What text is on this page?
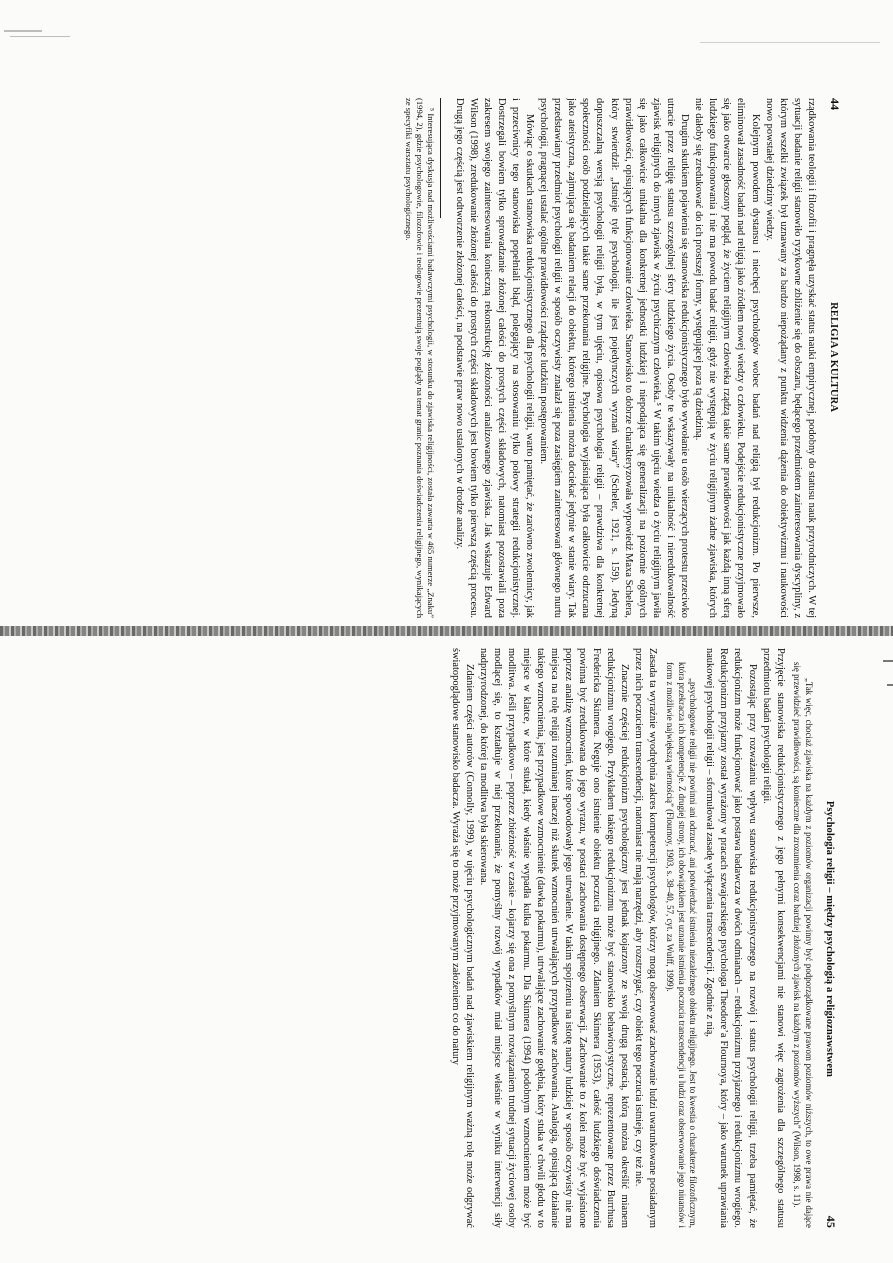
44
RELIGIA A KULTURA

rządkowania teologii i filozofii i pragnęła uzyskać status nauki empirycznej, podobny do statusu nauk przyrodniczych. W tej sytuacji badanie religii stanowiło ryzykowne zbliżenie się do obszaru, będącego przedmiotem zainteresowania dyscypliny, z którym wszelki związek był uznawany za bardzo niepożądany z punktu widzenia dążenia do obiektywizmu i naukowości nowo powstałej dziedziny wiedzy.

Kolejnym powodem dystansu i niechęci psychologów wobec badań nad religią był redukcjonizm. Po pierwsze, eliminował zasadność badań nad religią jako źródłem nowej wiedzy o człowieku. Podejście redukcjonistyczne przyjmowało się jako otwarcie głoszony pogląd, że życiem religijnym człowieka rządzą takie same prawidłowości jak każdą inną sferą ludzkiego funkcjonowania i nie ma powodu badać religii, gdyż nie występują w życiu religijnym żadne zjawiska, których nie dałoby się zredukować do ich prostszej formy, występującej poza tą dziedziną.

Drugim skutkiem pojawienia się stanowiska redukcjonistycznego było wywołanie u osób wierzących protestu przeciwko utracie przez religię statusu szczególnej sfery ludzkiego życia. Osoby te wskazywały na unikalność i nieredukowalność zjawisk religijnych do innych zjawisk w życiu psychicznym człowieka.⁵ W takim ujęciu wiedza o życiu religijnym jawiła się jako całkowicie unikalna dla konkretnej jednostki ludzkiej i niepodająca się generalizacji na poziomie ogólnych prawidłowości, opisujących funkcjonowanie człowieka. Stanowisko to dobrze charakteryzowała wypowiedź Maxa Schelera, który stwierdził: „Istnieje tyle psychologii, ile jest pojedynczych wyznań wiary” (Scheler, 1921, s. 159). Jedyną dopuszczalną wersją psychologii religii była, w tym ujęciu, opisowa psychologia religii – prawdziwa dla konkretnej społeczności osób podzielających takie same przekonania religijne. Psychologia wyjaśniająca była całkowicie odrzucana jako ateistyczna, zajmująca się badaniem relacji do obiektu, którego istnienia można dociekać jedynie w stanie wiary. Tak przedstawiany przedmiot psychologii religii w sposób oczywisty znalazł się poza zasięgiem zainteresowań głównego nurtu psychologii, pragnącej ustalać ogólne prawidłowości rządzące ludzkim postępowaniem.

Mówiąc o skutkach stanowiska redukcjonistycznego dla psychologii religii, warto pamiętać, że zarówno zwolennicy, jak i przeciwnicy tego stanowiska popełniali błąd, polegający na stosowaniu tylko połowy strategii redukcjonistycznej. Dostrzegali bowiem tylko sprowadzanie złożonej całości do prostych części składowych, natomiast pozostawiali poza zakresem swojego zainteresowania konieczną rekonstrukcję złożoności analizowanego zjawiska. Jak wskazuje Edward Wilson (1998), zredukowanie złożonej całości do prostych części składowych jest bowiem tylko pierwszą częścią procesu. Drugą jego częścią jest odtworzenie złożonej całości, na podstawie praw nowo ustalonych w drodze analizy.

⁵ Interesująca dyskusja nad możliwościami badawczymi psychologii, w stosunku do zjawiska religijności, została zawarta w 465 numerze „Znaku” (1994, 2), gdzie psychologowie, filozofowie i teologowie prezentują swoje poglądy na temat granic poznania doświadczenia religijnego, wynikających ze specyfiki warsztatu psychologicznego.

Psychologia religii – między psychologią a religioznawstwem
45

„Tak więc, chociaż zjawiska na każdym z poziomów organizacji powinny być podporządkowane prawom poziomów niższych, to owe prawa nie dające się przewidzieć prawidłowości, są konieczne dla zrozumienia coraz bardziej złożonych zjawisk na każdym z poziomów wyższych” (Wilson, 1998, s. 11).

Przyjęcie stanowiska redukcjonistycznego z jego pełnymi konsekwencjami nie stanowi więc zagrożenia dla szczególnego statusu przedmiotu badań psychologii religii.

Pozostając przy rozważaniu wpływu stanowiska redukcjonistycznego na rozwój i status psychologii religii, trzeba pamiętać, że redukcjonizm może funkcjonować jako postawa badawcza w dwóch odmianach – redukcjonizmu przyjaznego i redukcjonizmu wrogiego. Redukcjonizm przyjazny został wyrażony w pracach szwajcarskiego psychologa Theodore’a Flournoya, który – jako warunek uprawiania naukowej psychologii religii – sformułował zasadę wyłączenia transcendencji. Zgodnie z nią,

„psychologowie religii nie powinni ani odrzucać, ani potwierdzać istnienia niezależnego obiektu religijnego. Jest to kwestia o charakterze filozoficznym, która przekracza ich kompetencje. Z drugiej strony, ich obowiązkiem jest uznanie istnienia poczucia transcendencji u ludzi oraz obserwowanie jego niuansów i form z możliwie największą wiernością” (Flournoy, 1903, s. 38–40, 57, cyt. za Wulff, 1999).

Zasada ta wyraźnie wyodrębnia zakres kompetencji psychologów, którzy mogą obserwować zachowanie ludzi uwarunkowane posiadanym przez nich poczuciem transcendencji, natomiast nie mają narzędzi, aby rozstrzygać, czy obiekt tego poczucia istnieje, czy też nie.

Znacznie częściej redukcjonizm psychologiczny jest jednak kojarzony ze swoją drugą postacią, którą można określić mianem redukcjonizmu wrogiego. Przykładem takiego redukcjonizmu może być stanowisko behawiorystyczne, reprezentowane przez Burrhusa Fredericka Skinnera. Neguje ono istnienie obiektu poczucia religijnego. Zdaniem Skinnera (1953), całość ludzkiego doświadczenia powinna być zredukowana do jego wyrazu, w postaci zachowania dostępnego obserwacji. Zachowanie to z kolei może być wyjaśnione poprzez analizę wzmocnień, które spowodowały jego utrwalenie. W takim spojrzeniu na istotę natury ludzkiej w sposób oczywisty nie ma miejsca na rolę religii rozumianej inaczej niż skutek wzmocnień utrwalających przypadkowe zachowania. Analogią, opisującą działanie takiego wzmocnienia, jest przypadkowe wzmocnienie (dawka pokarmu), utrwalające zachowanie gołębia, który stuka w chwili głodu w to miejsce w klatce, w które stukał, kiedy właśnie wypadła kulka pokarmu. Dla Skinnera (1994) podobnym wzmocnieniem może być modlitwa. Jeśli przypadkowo – poprzez zbieżność w czasie – kojarzy się ona z pomyślnym rozwiązaniem trudnej sytuacji życiowej osoby modlącej się, to kształtuje w niej przekonanie, że pomyślny rozwój wypadków miał miejsce właśnie w wyniku interwencji siły nadprzyrodzonej, do której ta modlitwa była skierowana.

Zdaniem części autorów (Connolly, 1999), w ujęciu psychologicznym badań nad zjawiskiem religijnym ważną rolę może odgrywać światopoglądowe stanowisko badacza. Wyraża się to może przyjmowanym założeniem co do natury
